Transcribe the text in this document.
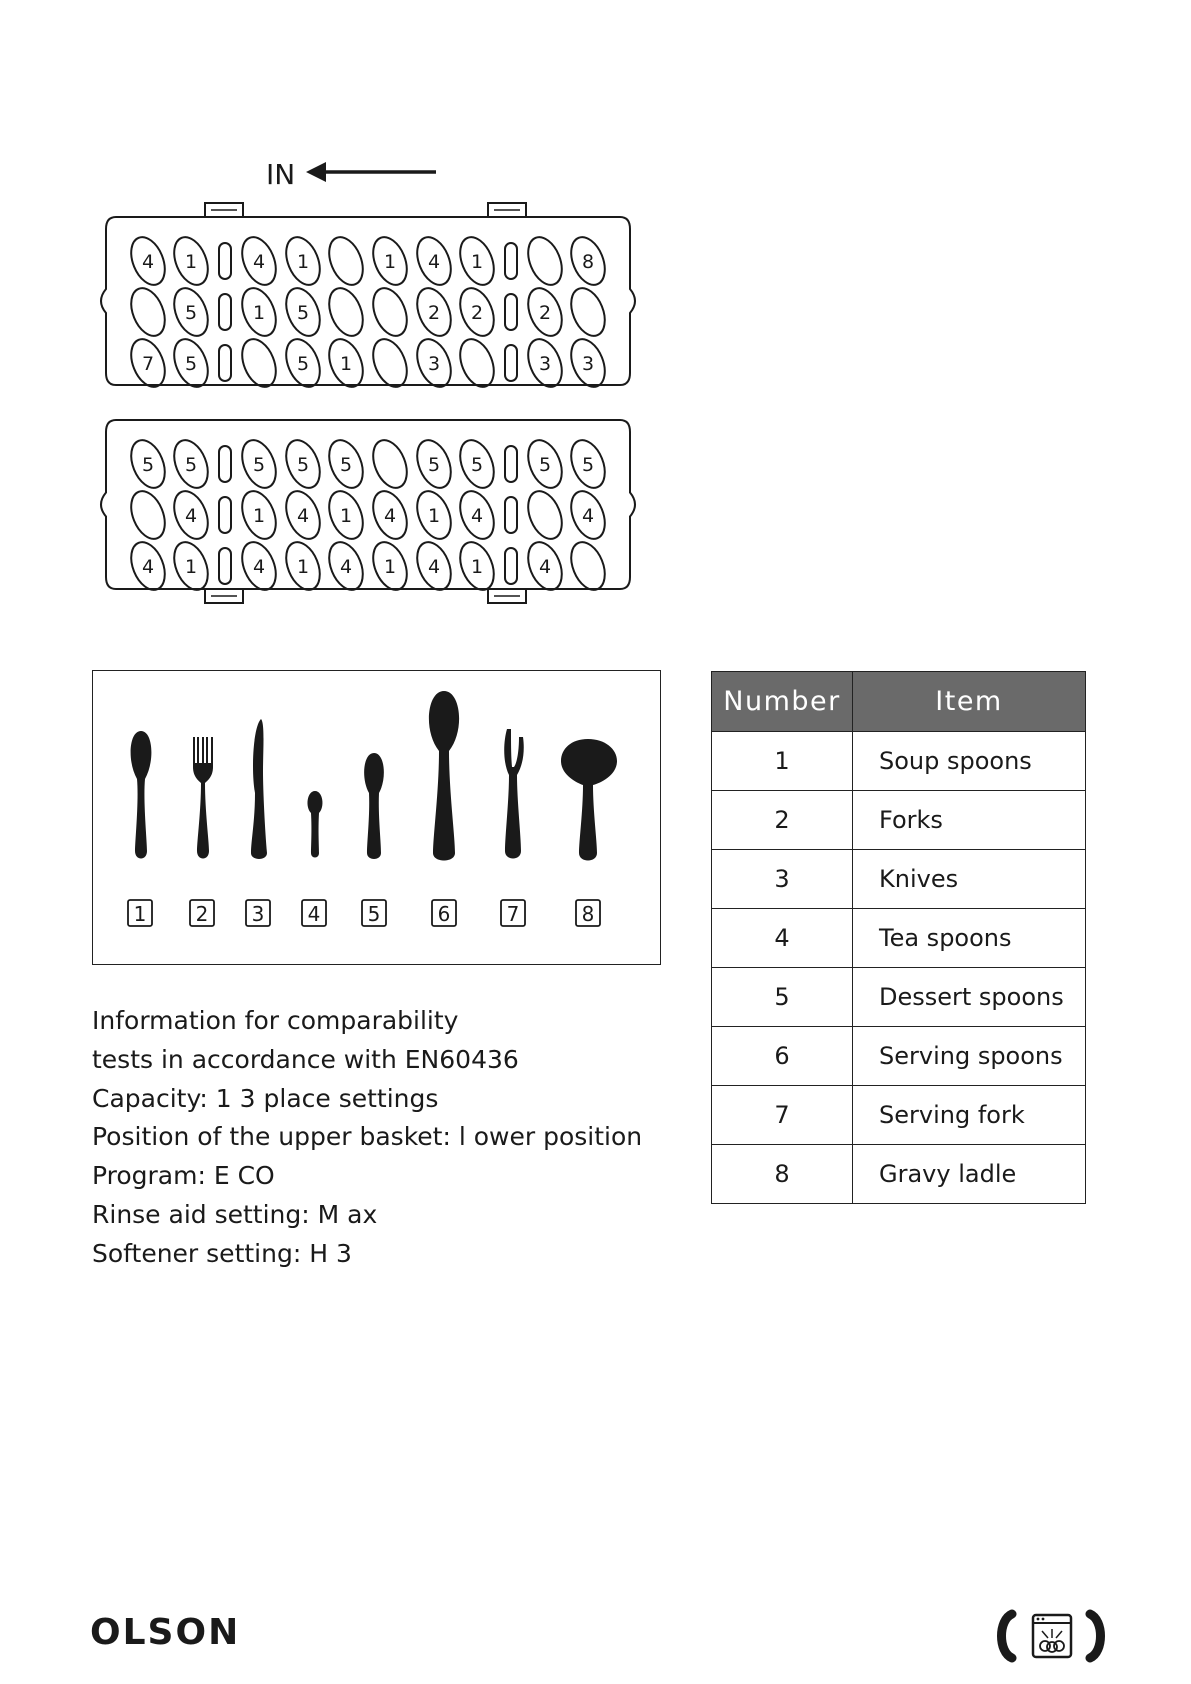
IN
4 1	4 1	1 4 1	8
5	1 5	2 2	2
7 5	5 1	3	3 3
5 5	5 5 5	5 5	5 5
4	1 4 1 4 1 4	4
4 1	4 1 4 1 4 1	4
1 2 3 4 5	6	7	8
Information for comparability
tests in accordance with EN60436
Capacity: 1 3 place settings
Position of the upper basket: l ower position
Program: E CO
Rinse aid setting: M ax
Softener setting: H 3
Number	Item
1	Soup spoons
2	Forks
3	Knives
4	Tea spoons
5	Dessert spoons
6	Serving spoons
7	Serving fork
8	Gravy ladle
OLSON
